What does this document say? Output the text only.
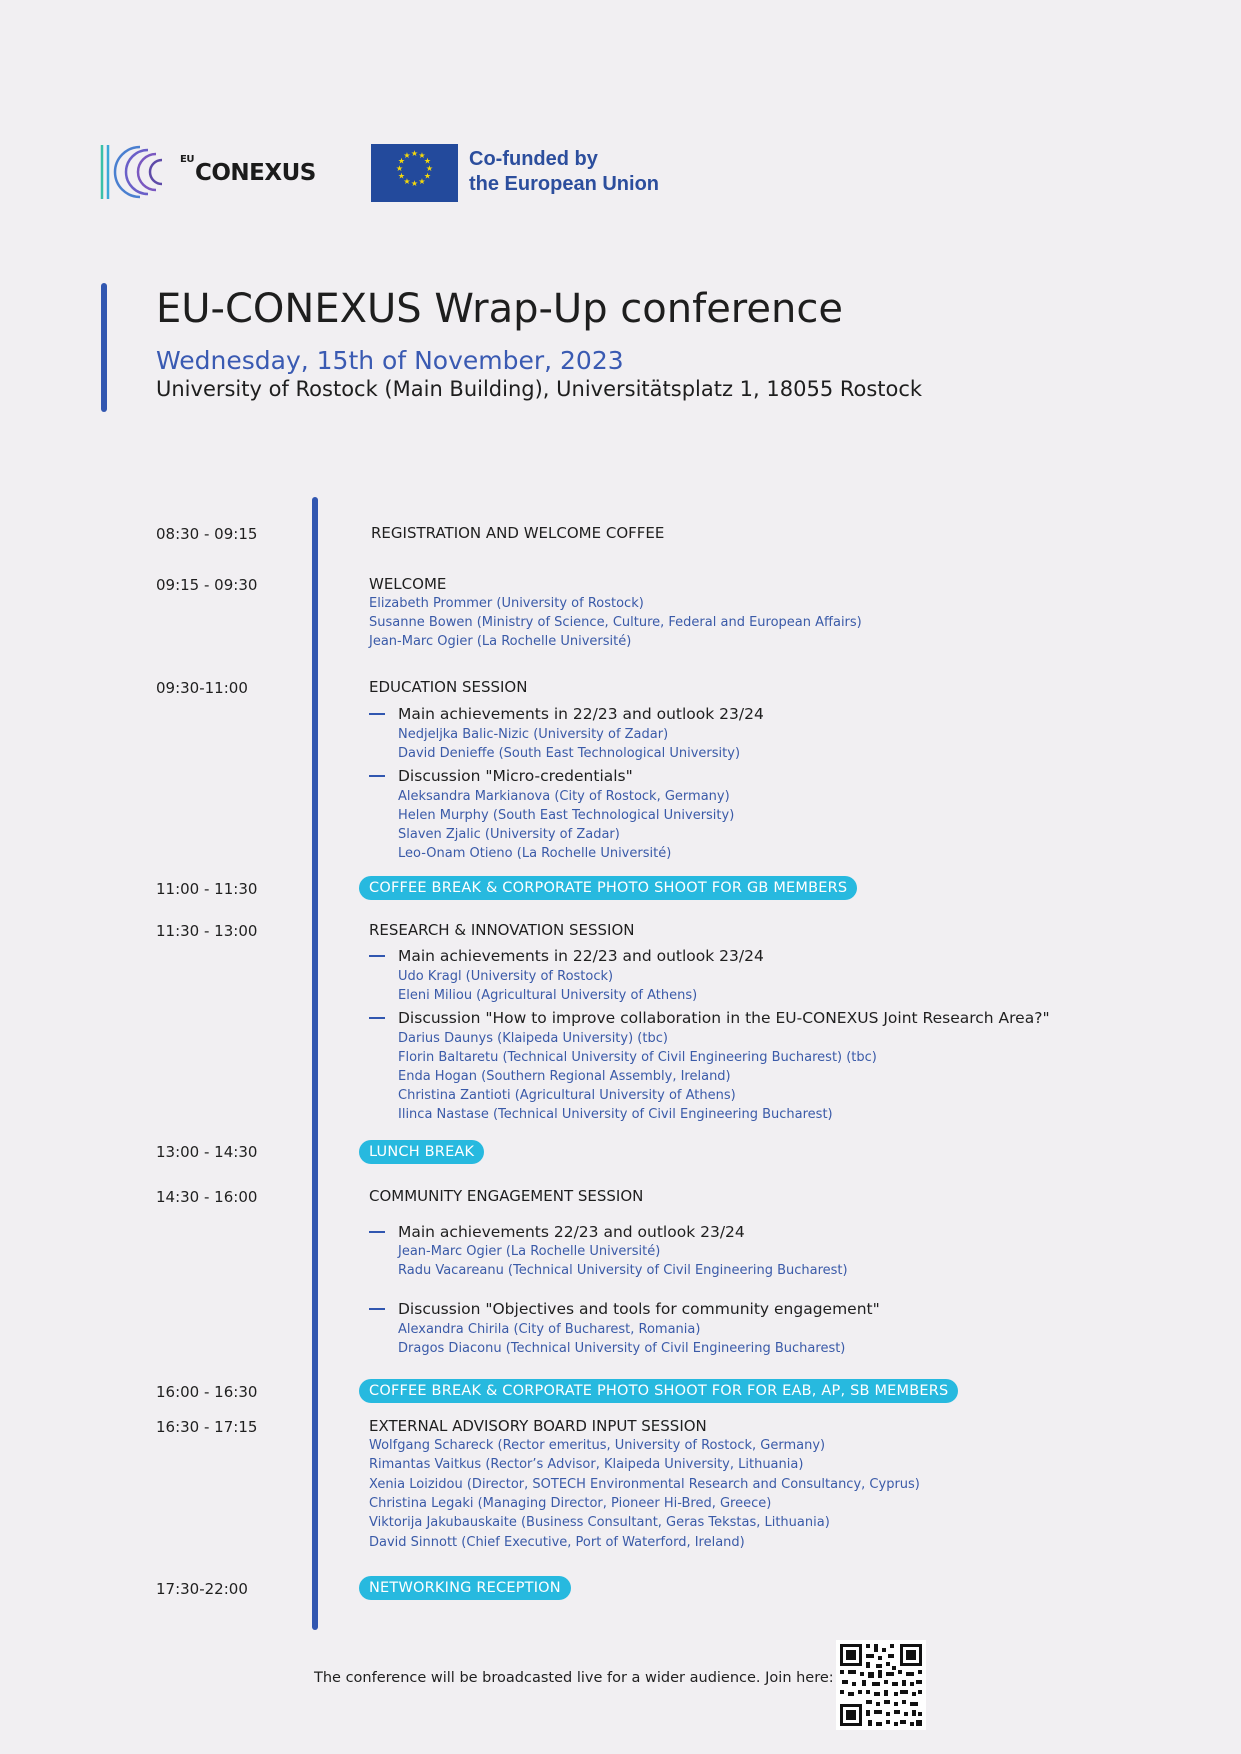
$^{EU}$CONEXUS
★ ★
★
★
★
★
★
★
★
★
★
★	Co-funded by
the European Union
EU-CONEXUS Wrap-Up conference
Wednesday, 15th of November, 2023
University of Rostock (Main Building), Universitätsplatz 1, 18055 Rostock
08:30 - 09:15	REGISTRATION AND WELCOME COFFEE
09:15 - 09:30	WELCOME
Elizabeth Prommer (University of Rostock)
Susanne Bowen (Ministry of Science, Culture, Federal and European Affairs)
Jean-Marc Ogier (La Rochelle Université)
09:30-11:00	EDUCATION SESSION
Main achievements in 22/23 and outlook 23/24
Nedjeljka Balic-Nizic (University of Zadar)
David Denieffe (South East Technological University)
Discussion "Micro-credentials"
Aleksandra Markianova (City of Rostock, Germany)
Helen Murphy (South East Technological University)
Slaven Zjalic (University of Zadar)
Leo-Onam Otieno (La Rochelle Université)
11:00 - 11:30	COFFEE BREAK & CORPORATE PHOTO SHOOT FOR GB MEMBERS
11:30 - 13:00	RESEARCH & INNOVATION SESSION
Main achievements in 22/23 and outlook 23/24
Udo Kragl (University of Rostock)
Eleni Miliou (Agricultural University of Athens)
Discussion "How to improve collaboration in the EU-CONEXUS Joint Research Area?"
Darius Daunys (Klaipeda University) (tbc)
Florin Baltaretu (Technical University of Civil Engineering Bucharest) (tbc)
Enda Hogan (Southern Regional Assembly, Ireland)
Christina Zantioti (Agricultural University of Athens)
Ilinca Nastase (Technical University of Civil Engineering Bucharest)
13:00 - 14:30	LUNCH BREAK
14:30 - 16:00	COMMUNITY ENGAGEMENT SESSION
Main achievements 22/23 and outlook 23/24
Jean-Marc Ogier (La Rochelle Université)
Radu Vacareanu (Technical University of Civil Engineering Bucharest)
Discussion "Objectives and tools for community engagement"
Alexandra Chirila (City of Bucharest, Romania)
Dragos Diaconu (Technical University of Civil Engineering Bucharest)
16:00 - 16:30	COFFEE BREAK & CORPORATE PHOTO SHOOT FOR FOR EAB, AP, SB MEMBERS
16:30 - 17:15	EXTERNAL ADVISORY BOARD INPUT SESSION
Wolfgang Schareck (Rector emeritus, University of Rostock, Germany)
Rimantas Vaitkus (Rector’s Advisor, Klaipeda University, Lithuania)
Xenia Loizidou (Director, SOTECH Environmental Research and Consultancy, Cyprus)
Christina Legaki (Managing Director, Pioneer Hi-Bred, Greece)
Viktorija Jakubauskaite (Business Consultant, Geras Tekstas, Lithuania)
David Sinnott (Chief Executive, Port of Waterford, Ireland)
17:30-22:00	NETWORKING RECEPTION
The conference will be broadcasted live for a wider audience. Join here:
